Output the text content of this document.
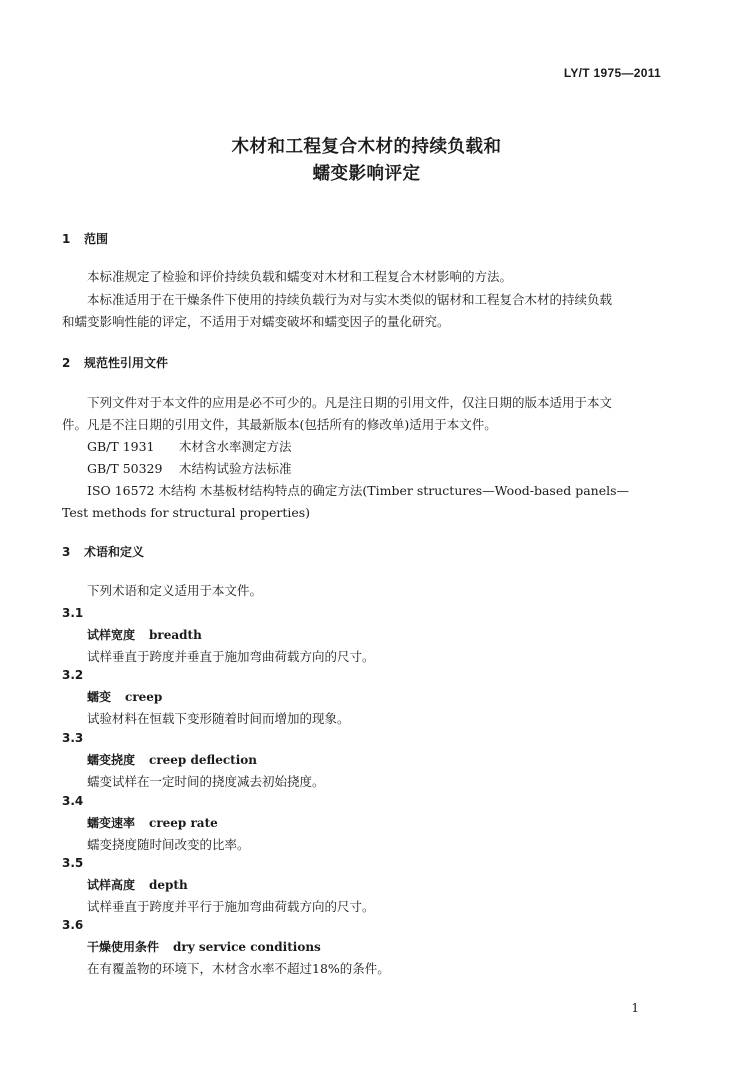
LY/T 1975—2011
木材和工程复合木材的持续负载和
蠕变影响评定
1 范围
本标准规定了检验和评价持续负载和蠕变对木材和工程复合木材影响的方法。
本标准适用于在干燥条件下使用的持续负载行为对与实木类似的锯材和工程复合木材的持续负载
和蠕变影响性能的评定，不适用于对蠕变破坏和蠕变因子的量化研究。
2 规范性引用文件
下列文件对于本文件的应用是必不可少的。凡是注日期的引用文件，仅注日期的版本适用于本文
件。凡是不注日期的引用文件，其最新版本(包括所有的修改单)适用于本文件。
GB/T 1931 木材含水率测定方法
GB/T 50329 木结构试验方法标准
ISO 16572 木结构 木基板材结构特点的确定方法(Timber structures—Wood-based panels—
Test methods for structural properties)
3 术语和定义
下列术语和定义适用于本文件。
3.1
试样宽度 breadth
试样垂直于跨度并垂直于施加弯曲荷载方向的尺寸。
3.2
蠕变 creep
试验材料在恒载下变形随着时间而增加的现象。
3.3
蠕变挠度 creep deflection
蠕变试样在一定时间的挠度减去初始挠度。
3.4
蠕变速率 creep rate
蠕变挠度随时间改变的比率。
3.5
试样高度 depth
试样垂直于跨度并平行于施加弯曲荷载方向的尺寸。
3.6
干燥使用条件 dry service conditions
在有覆盖物的环境下，木材含水率不超过18%的条件。
1
